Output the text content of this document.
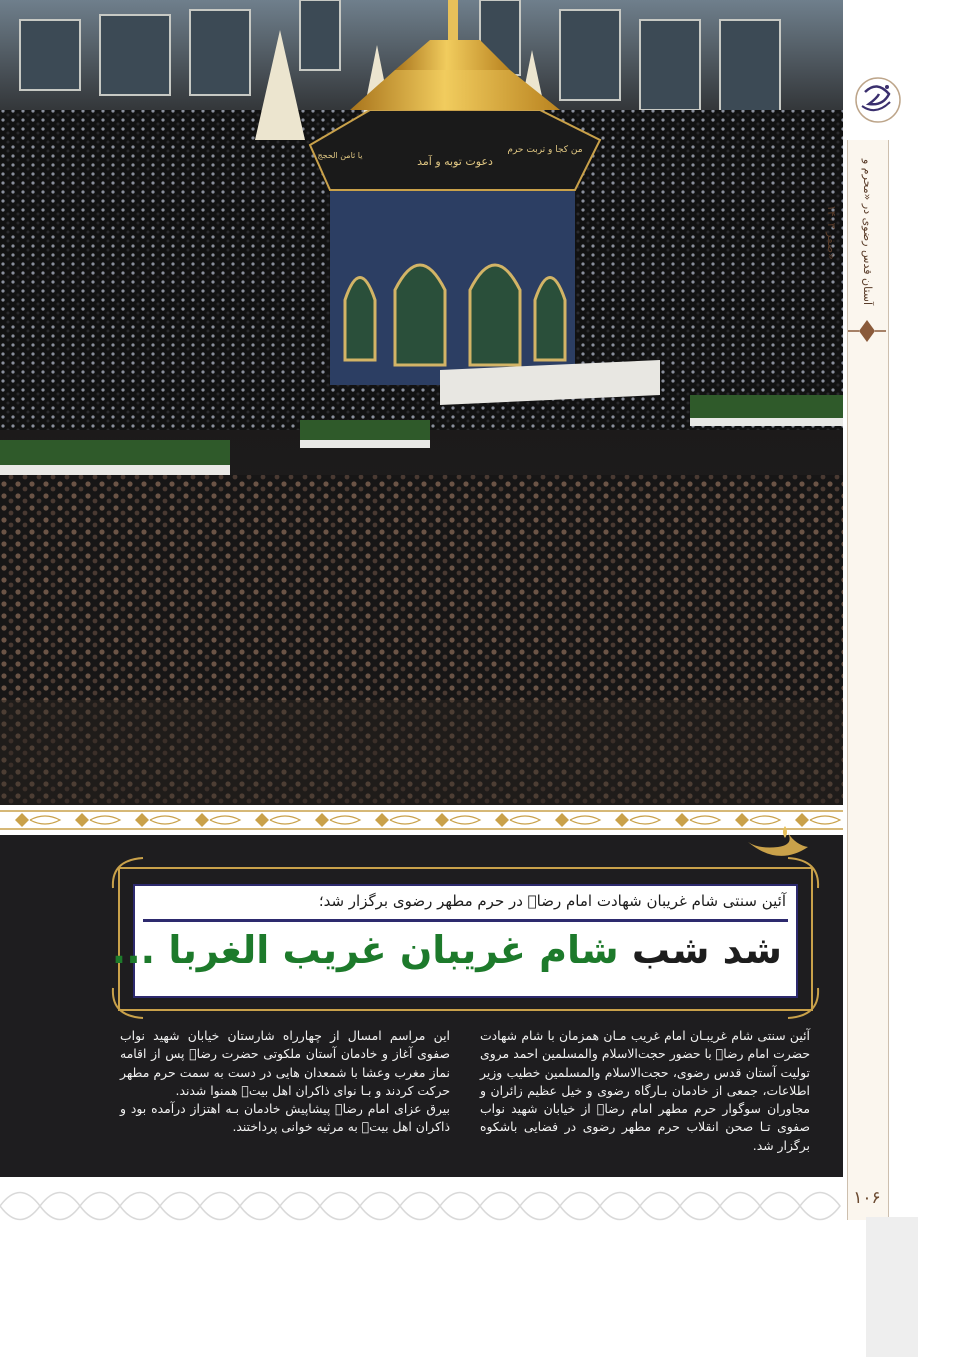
دعوت توبه و آمد
من کجا و تربت حرم
یا ثامن الحجج
آستان قدس رضوی در «محرم و صفر ۱۴۰۳»
آئین سنتی شام غریبان شهادت امام رضاؑ در حرم مطهر رضوی برگزار شد؛
شد شب شام غریبان غریب الغربا ...
آئین سنتی شام غریبـان امام غریب مـان همزمان با شام شهادت حضرت امام رضاؑ با حضور حجت‌الاسلام والمسلمین احمد مروی تولیت آستان قدس رضوی، حجت‌الاسلام والمسلمین خطیب وزیر اطلاعات، جمعی از خادمان بـارگاه رضوی و خیل عظیم زائران و مجاوران سوگوار حرم مطهر امام رضاؑ از خیابان شهید نواب صفوی تـا صحن انقلاب حرم مطهر رضوی در فضایی باشکوه برگزار شد.
این مراسم امسال از چهارراه شارستان خیابان شهید نواب صفوی آغاز و خادمان آستان ملکوتی حضرت رضاؑ پس از اقامه نماز مغرب وعشا با شمعدان هایی در دست به سمت حرم مطهر حرکت کردند و بـا نوای ذاکران اهل بیتؑ همنوا شدند.
بیرق عزای امام رضاؑ پیشاپیش خادمان بـه اهتزاز درآمده بود و ذاکران اهل بیتؑ به مرثیه خوانی پرداختند.
۱۰۶
